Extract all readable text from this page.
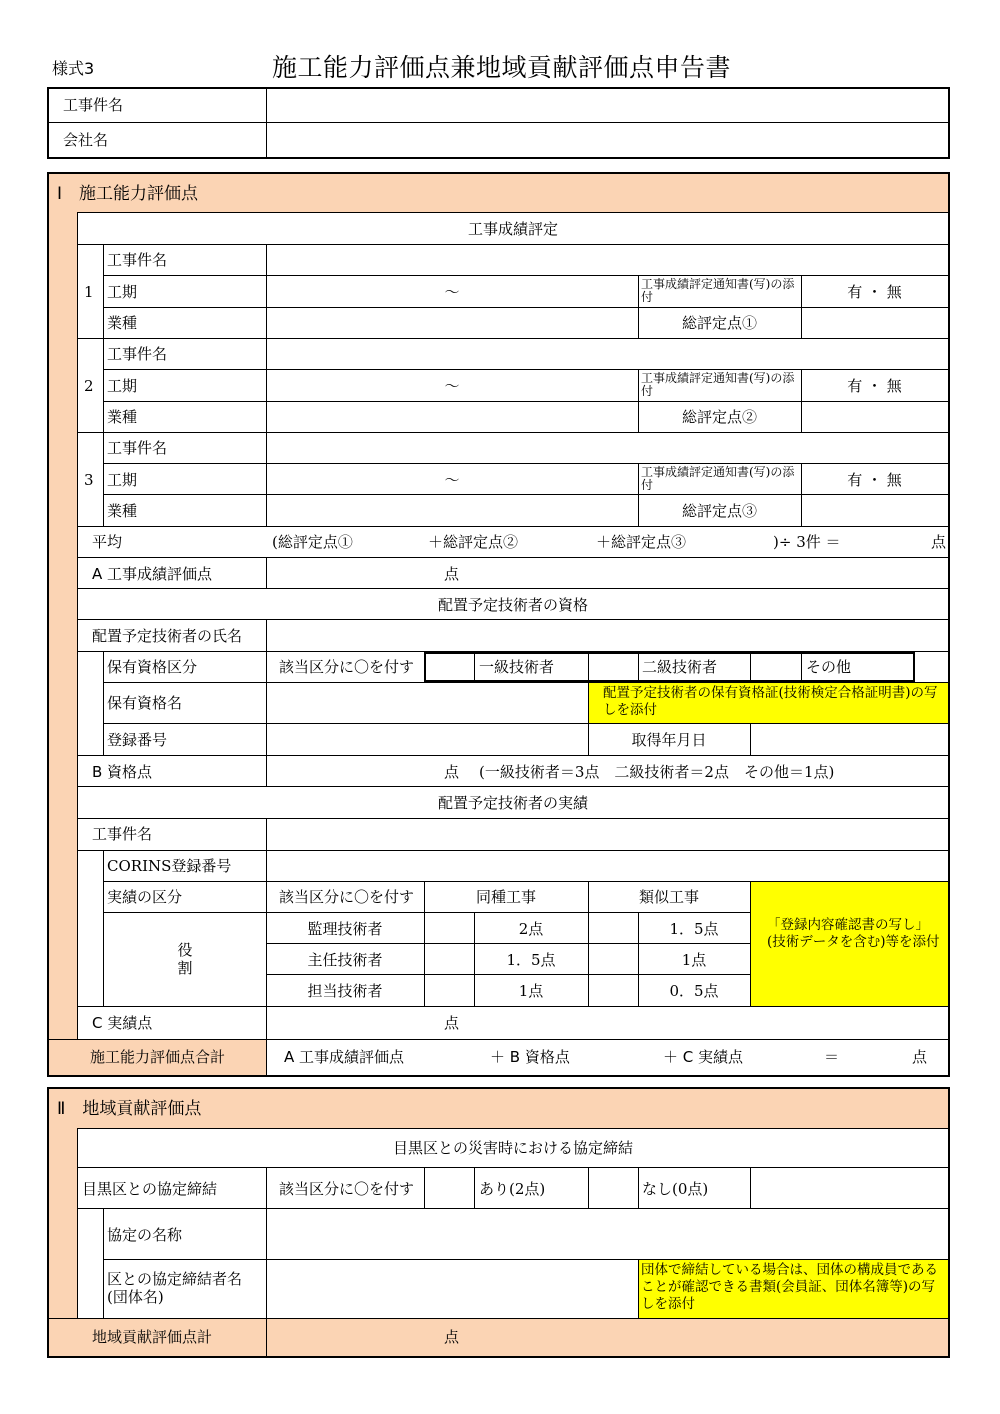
様式3	施工能力評価点兼地域貢献評価点申告書
工事件名
会社名
Ⅰ　施工能力評価点
工事成績評定
1
工事件名
工期	～	工事成績評定通知書(写)の添付	有 ・ 無
業種	総評定点①
2
工事件名
工期	～	工事成績評定通知書(写)の添付	有 ・ 無
業種	総評定点②
3
工事件名
工期	～	工事成績評定通知書(写)の添付	有 ・ 無
業種	総評定点③
平均	(総評定点①	＋総評定点②	＋総評定点③	)÷ 3件 ＝	点
A 工事成績評価点	点
配置予定技術者の資格
配置予定技術者の氏名
保有資格区分	該当区分に〇を付す	一級技術者	二級技術者	その他
保有資格名
配置予定技術者の保有資格証(技術検定合格証明書)の写しを添付
登録番号	取得年月日
B 資格点	点 (一級技術者＝3点　二級技術者＝2点　その他＝1点)
配置予定技術者の実績
工事件名
CORINS登録番号
実績の区分	該当区分に〇を付す	同種工事	類似工事
役割
監理技術者	2点	1．5点
主任技術者	1．5点	1点
担当技術者	1点	0．5点
「登録内容確認書の写し」(技術データを含む)等を添付
C 実績点	点
施工能力評価点合計	A 工事成績評価点	＋ B 資格点	＋ C 実績点	＝	点
Ⅱ　地域貢献評価点
目黒区との災害時における協定締結
目黒区との協定締結	該当区分に〇を付す	あり(2点)	なし(0点)
協定の名称
区との協定締結者名(団体名)
団体で締結している場合は、団体の構成員であることが確認できる書類(会員証、団体名簿等)の写しを添付
地域貢献評価点計	点
